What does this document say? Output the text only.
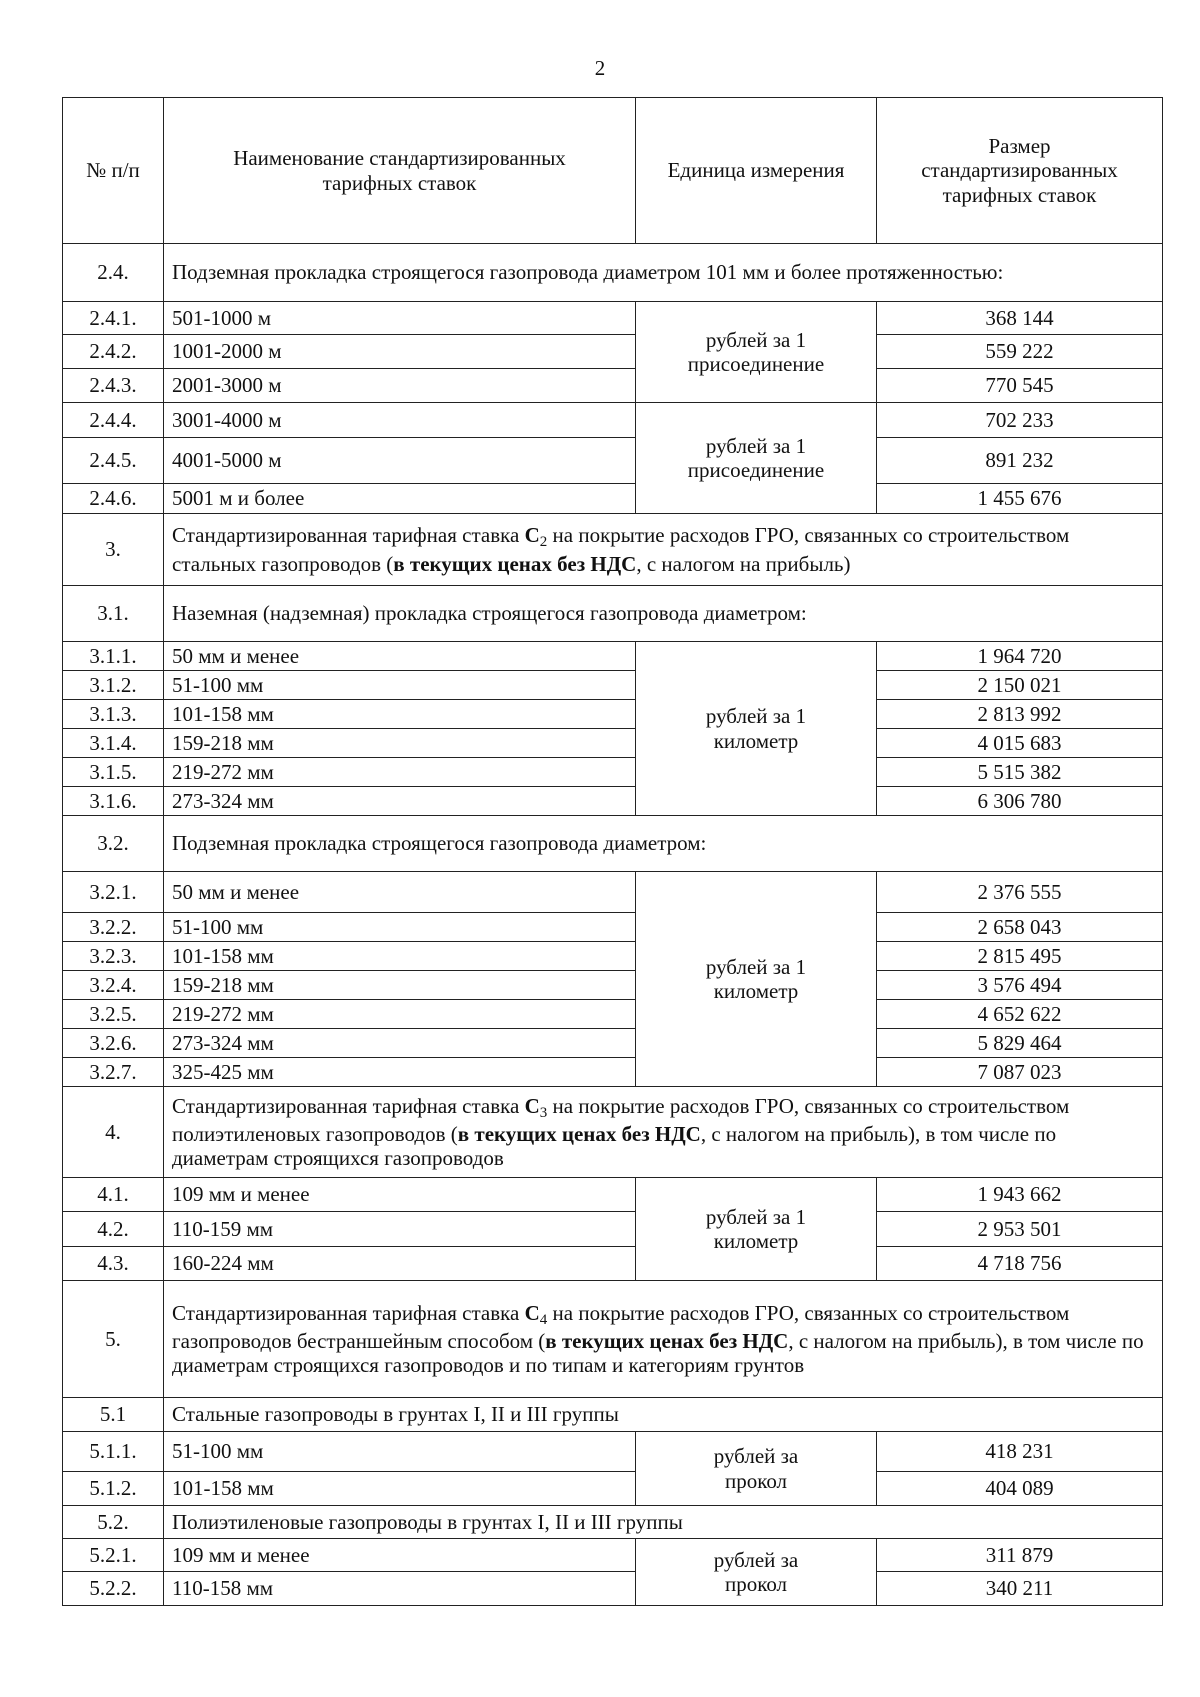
2
№ п/п	Наименование стандартизированных тарифных ставок	Единица измерения	Размер стандартизированных тарифных ставок
2.4.	Подземная прокладка строящегося газопровода диаметром 101 мм и более протяженностью:		
2.4.1.	501-1000 м	рублей за 1 присоединение	368 144
2.4.2.	1001-2000 м		559 222
2.4.3.	2001-3000 м		770 545
2.4.4.	3001-4000 м	рублей за 1 присоединение	702 233
2.4.5.	4001-5000 м		891 232
2.4.6.	5001 м и более		1 455 676
3.	Стандартизированная тарифная ставка $C_2$ на покрытие расходов ГРО, связанных со строительством стальных газопроводов (в текущих ценах без НДС, с налогом на прибыль)		
3.1.	Наземная (надземная) прокладка строящегося газопровода диаметром:		
3.1.1.	50 мм и менее	рублей за 1 километр	1 964 720
3.1.2.	51-100 мм		2 150 021
3.1.3.	101-158 мм		2 813 992
3.1.4.	159-218 мм		4 015 683
3.1.5.	219-272 мм		5 515 382
3.1.6.	273-324 мм		6 306 780
3.2.	Подземная прокладка строящегося газопровода диаметром:		
3.2.1.	50 мм и менее	рублей за 1 километр	2 376 555
3.2.2.	51-100 мм		2 658 043
3.2.3.	101-158 мм		2 815 495
3.2.4.	159-218 мм		3 576 494
3.2.5.	219-272 мм		4 652 622
3.2.6.	273-324 мм		5 829 464
3.2.7.	325-425 мм		7 087 023
4.	Стандартизированная тарифная ставка $C_3$ на покрытие расходов ГРО, связанных со строительством полиэтиленовых газопроводов (в текущих ценах без НДС, с налогом на прибыль), в том числе по диаметрам строящихся газопроводов		
4.1.	109 мм и менее	рублей за 1 километр	1 943 662
4.2.	110-159 мм		2 953 501
4.3.	160-224 мм		4 718 756
5.	Стандартизированная тарифная ставка $C_4$ на покрытие расходов ГРО, связанных со строительством газопроводов бестраншейным способом (в текущих ценах без НДС, с налогом на прибыль), в том числе по диаметрам строящихся газопроводов и по типам и категориям грунтов		
5.1	Стальные газопроводы в грунтах I, II и III группы		
5.1.1.	51-100 мм	рублей за прокол	418 231
5.1.2.	101-158 мм		404 089
5.2.	Полиэтиленовые газопроводы в грунтах I, II и III группы		
5.2.1.	109 мм и менее	рублей за прокол	311 879
5.2.2.	110-158 мм		340 211
